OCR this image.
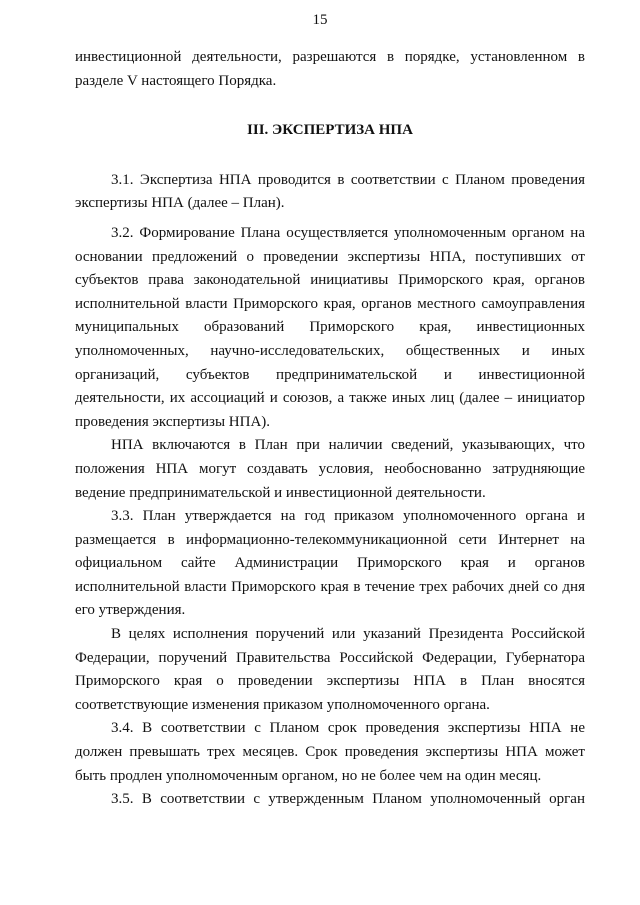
15

инвестиционной деятельности, разрешаются в порядке, установленном в разделе V настоящего Порядка.

III. ЭКСПЕРТИЗА НПА

3.1. Экспертиза НПА проводится в соответствии с Планом проведения экспертизы НПА (далее – План).

3.2. Формирование Плана осуществляется уполномоченным органом на основании предложений о проведении экспертизы НПА, поступивших от субъектов права законодательной инициативы Приморского края, органов исполнительной власти Приморского края, органов местного самоуправления муниципальных образований Приморского края, инвестиционных уполномоченных, научно-исследовательских, общественных и иных организаций, субъектов предпринимательской и инвестиционной деятельности, их ассоциаций и союзов, а также иных лиц (далее – инициатор проведения экспертизы НПА).

НПА включаются в План при наличии сведений, указывающих, что положения НПА могут создавать условия, необоснованно затрудняющие ведение предпринимательской и инвестиционной деятельности.

3.3. План утверждается на год приказом уполномоченного органа и размещается в информационно-телекоммуникационной сети Интернет на официальном сайте Администрации Приморского края и органов исполнительной власти Приморского края в течение трех рабочих дней со дня его утверждения.

В целях исполнения поручений или указаний Президента Российской Федерации, поручений Правительства Российской Федерации, Губернатора Приморского края о проведении экспертизы НПА в План вносятся соответствующие изменения приказом уполномоченного органа.

3.4. В соответствии с Планом срок проведения экспертизы НПА не должен превышать трех месяцев. Срок проведения экспертизы НПА может быть продлен уполномоченным органом, но не более чем на один месяц.

3.5. В соответствии с утвержденным Планом уполномоченный орган
